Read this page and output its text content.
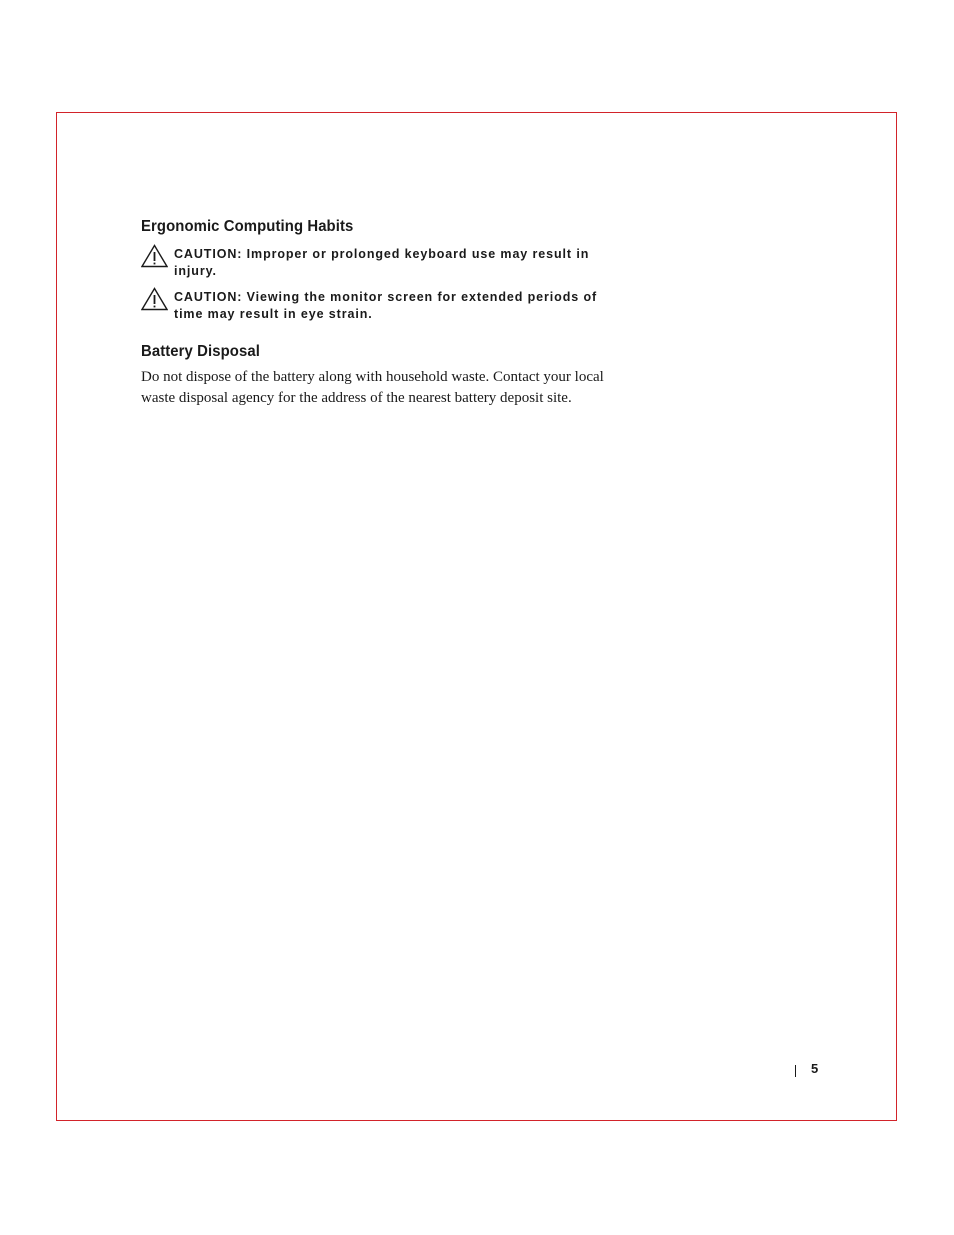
Ergonomic Computing Habits
CAUTION: Improper or prolonged keyboard use may result in injury.
CAUTION: Viewing the monitor screen for extended periods of time may result in eye strain.
Battery Disposal

Do not dispose of the battery along with household waste. Contact your local waste disposal agency for the address of the nearest battery deposit site.

5
